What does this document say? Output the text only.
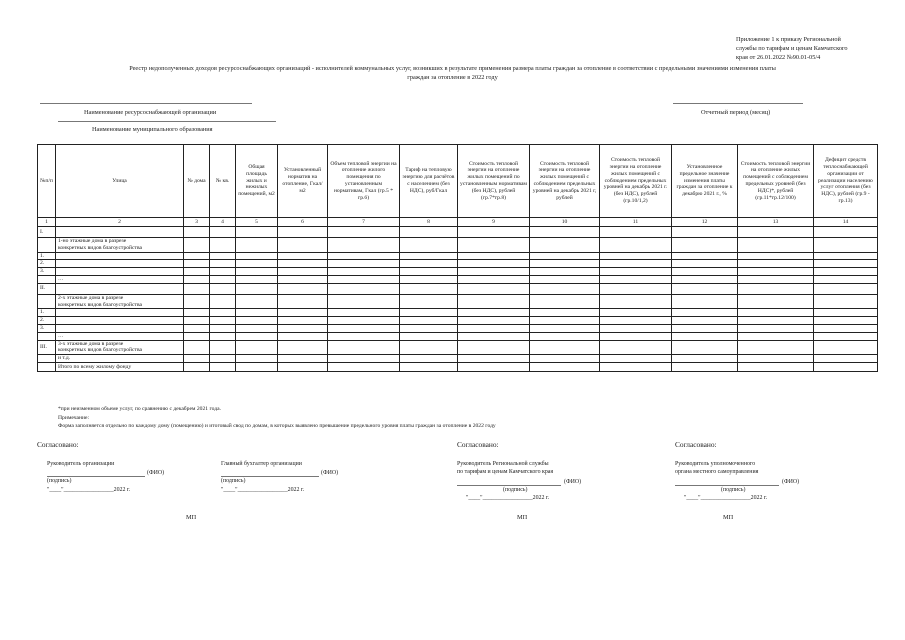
Приложение 1 к приказу Региональной
службы по тарифам и ценам Камчатского
края от 26.01.2022 №90.01-05/4
Реестр недополученных доходов ресурсоснабжающих организаций - исполнителей коммунальных услуг, возникших в результате применения размера платы граждан за отопление в соответствии с предельными значениями изменения платы
граждан за отопление в 2022 году
Наименование ресурсоснабжающей организации
Наименование муниципального образования
Отчетный период (месяц)
№п/п	Улица	№ дома	№ кв.	Общая площадь жилых и нежилых помещений, м2	Установленный норматив на отопление, Гкал/м2	Объем тепловой энергии на отопление жилого помещения по установленным нормативам, Гкал (гр.5 * гр.6)	Тариф на тепловую энергию для расчётов с населением (без НДС), руб/Гкал	Стоимость тепловой энергии на отопление жилых помещений по установленным нормативам (без НДС), рублей (гр.7*гр.8)	Стоимость тепловой энергии на отопление жилых помещений с соблюдением предельных уровней на декабрь 2021 г, рублей	Стоимость тепловой энергии на отопление жилых помещений с соблюдением предельных уровней на декабрь 2021 г. (без НДС), рублей (гр.10/1,2)	Установленное предельное значение изменения платы граждан за отопление к декабрю 2021 г., %	Стоимость тепловой энергии на отопление жилых помещений с соблюдением предельных уровней (без НДС)*, рублей (гр.11*гр.12/100)	Дефицит средств теплоснабжающей организации от реализации населению услуг отопления (без НДС), рублей (гр.9 - гр.13)
1	2	3	4	5	6	7	8	9	10	11	12	13	14
I.													

	1-но этажные дома в разрезе
конкретных видов благоустройства												

1.													
2.													
3.													
	…												
II.													

	2-х этажные дома в разрезе
конкретных видов благоустройства												

1.													
2.													
3.													
	…												
III.	3-х этажные дома в разрезе
конкретных видов благоустройства												

	и т.д.												
	Итого по всему жилому фонду												
*при неизменном объеме услуг, по сравнению с декабрем 2021 года.
Примечание:
Форма заполняется отдельно по каждому дому (помещению) и итоговый свод по домам, в которых выявлено превышение предельного уровня платы граждан за отопление в 2022 году
Согласовано:
Руководитель организации
(ФИО)
(подпись)
"____"_________________2022 г.
Главный бухгалтер организации
(ФИО)
(подпись)
"____"_________________2022 г.
МП
Согласовано:
Руководитель Региональной службы
по тарифам и ценам Камчатского края
(ФИО)
(подпись)
"____"_________________2022 г.
МП
Согласовано:
Руководитель уполномоченного
органа местного самоуправления
(ФИО)
(подпись)
"____"_________________2022 г.
МП
